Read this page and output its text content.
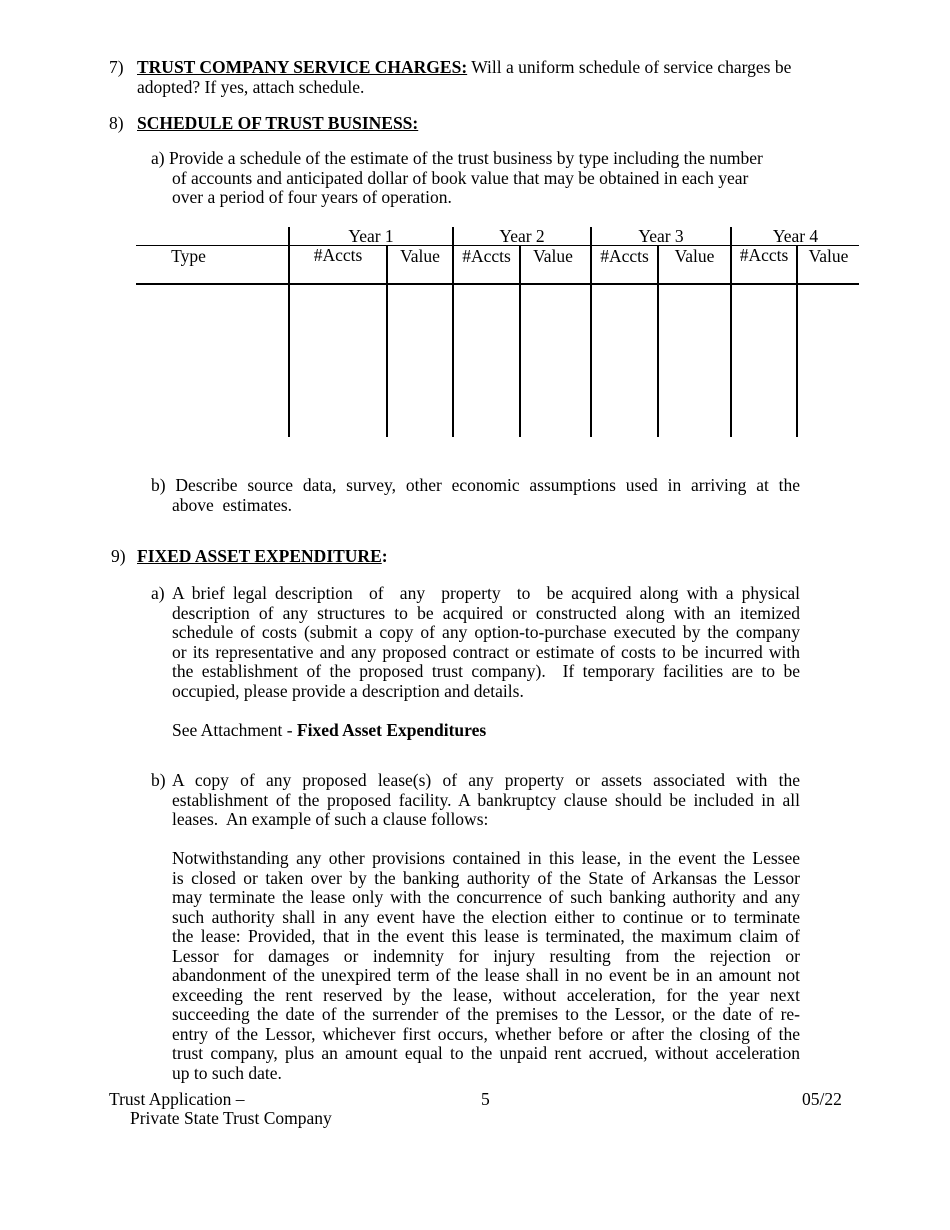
7) TRUST COMPANY SERVICE CHARGES: Will a uniform schedule of service charges be
adopted? If yes, attach schedule.
8) SCHEDULE OF TRUST BUSINESS:
a) Provide a schedule of the estimate of the trust business by type including the number
of accounts and anticipated dollar of book value that may be obtained in each year
over a period of four years of operation.
Year 1	Year 2	Year 3	Year 4
Type	#Accts	Value	#Accts	Value	#Accts	Value	#Accts	Value
b) Describe source data, survey, other economic assumptions used in arriving at the
above  estimates.
9) FIXED ASSET EXPENDITURE:
a) A brief legal description  of  any  property  to  be acquired along with a physical
description of any structures to be acquired or constructed along with an itemized
schedule of costs (submit a copy of any option-to-purchase executed by the company
or its representative and any proposed contract or estimate of costs to be incurred with
the establishment of the proposed trust company).  If temporary facilities are to be
occupied, please provide a description and details.
See Attachment - Fixed Asset Expenditures
b) A  copy  of  any  proposed  lease(s)  of  any  property  or  assets  associated  with  the
establishment of the proposed facility. A bankruptcy clause should be included in all
leases.  An example of such a clause follows:
Notwithstanding any other provisions contained in this lease, in the event the Lessee
is closed or taken over by the banking authority of the State of Arkansas the Lessor
may terminate the lease only with the concurrence of such banking authority and any
such authority shall in any event have the election either to continue or to terminate
the lease: Provided, that in the event this lease is terminated, the maximum claim of
Lessor for damages or indemnity for injury resulting from the rejection or
abandonment of the unexpired term of the lease shall in no event be in an amount not
exceeding the rent reserved by the lease, without acceleration, for the year next
succeeding the date of the surrender of the premises to the Lessor, or the date of re-
entry of the Lessor, whichever first occurs, whether before or after the closing of the
trust company, plus an amount equal to the unpaid rent accrued, without acceleration
up to such date.
Trust Application –
Private State Trust Company
5	05/22
